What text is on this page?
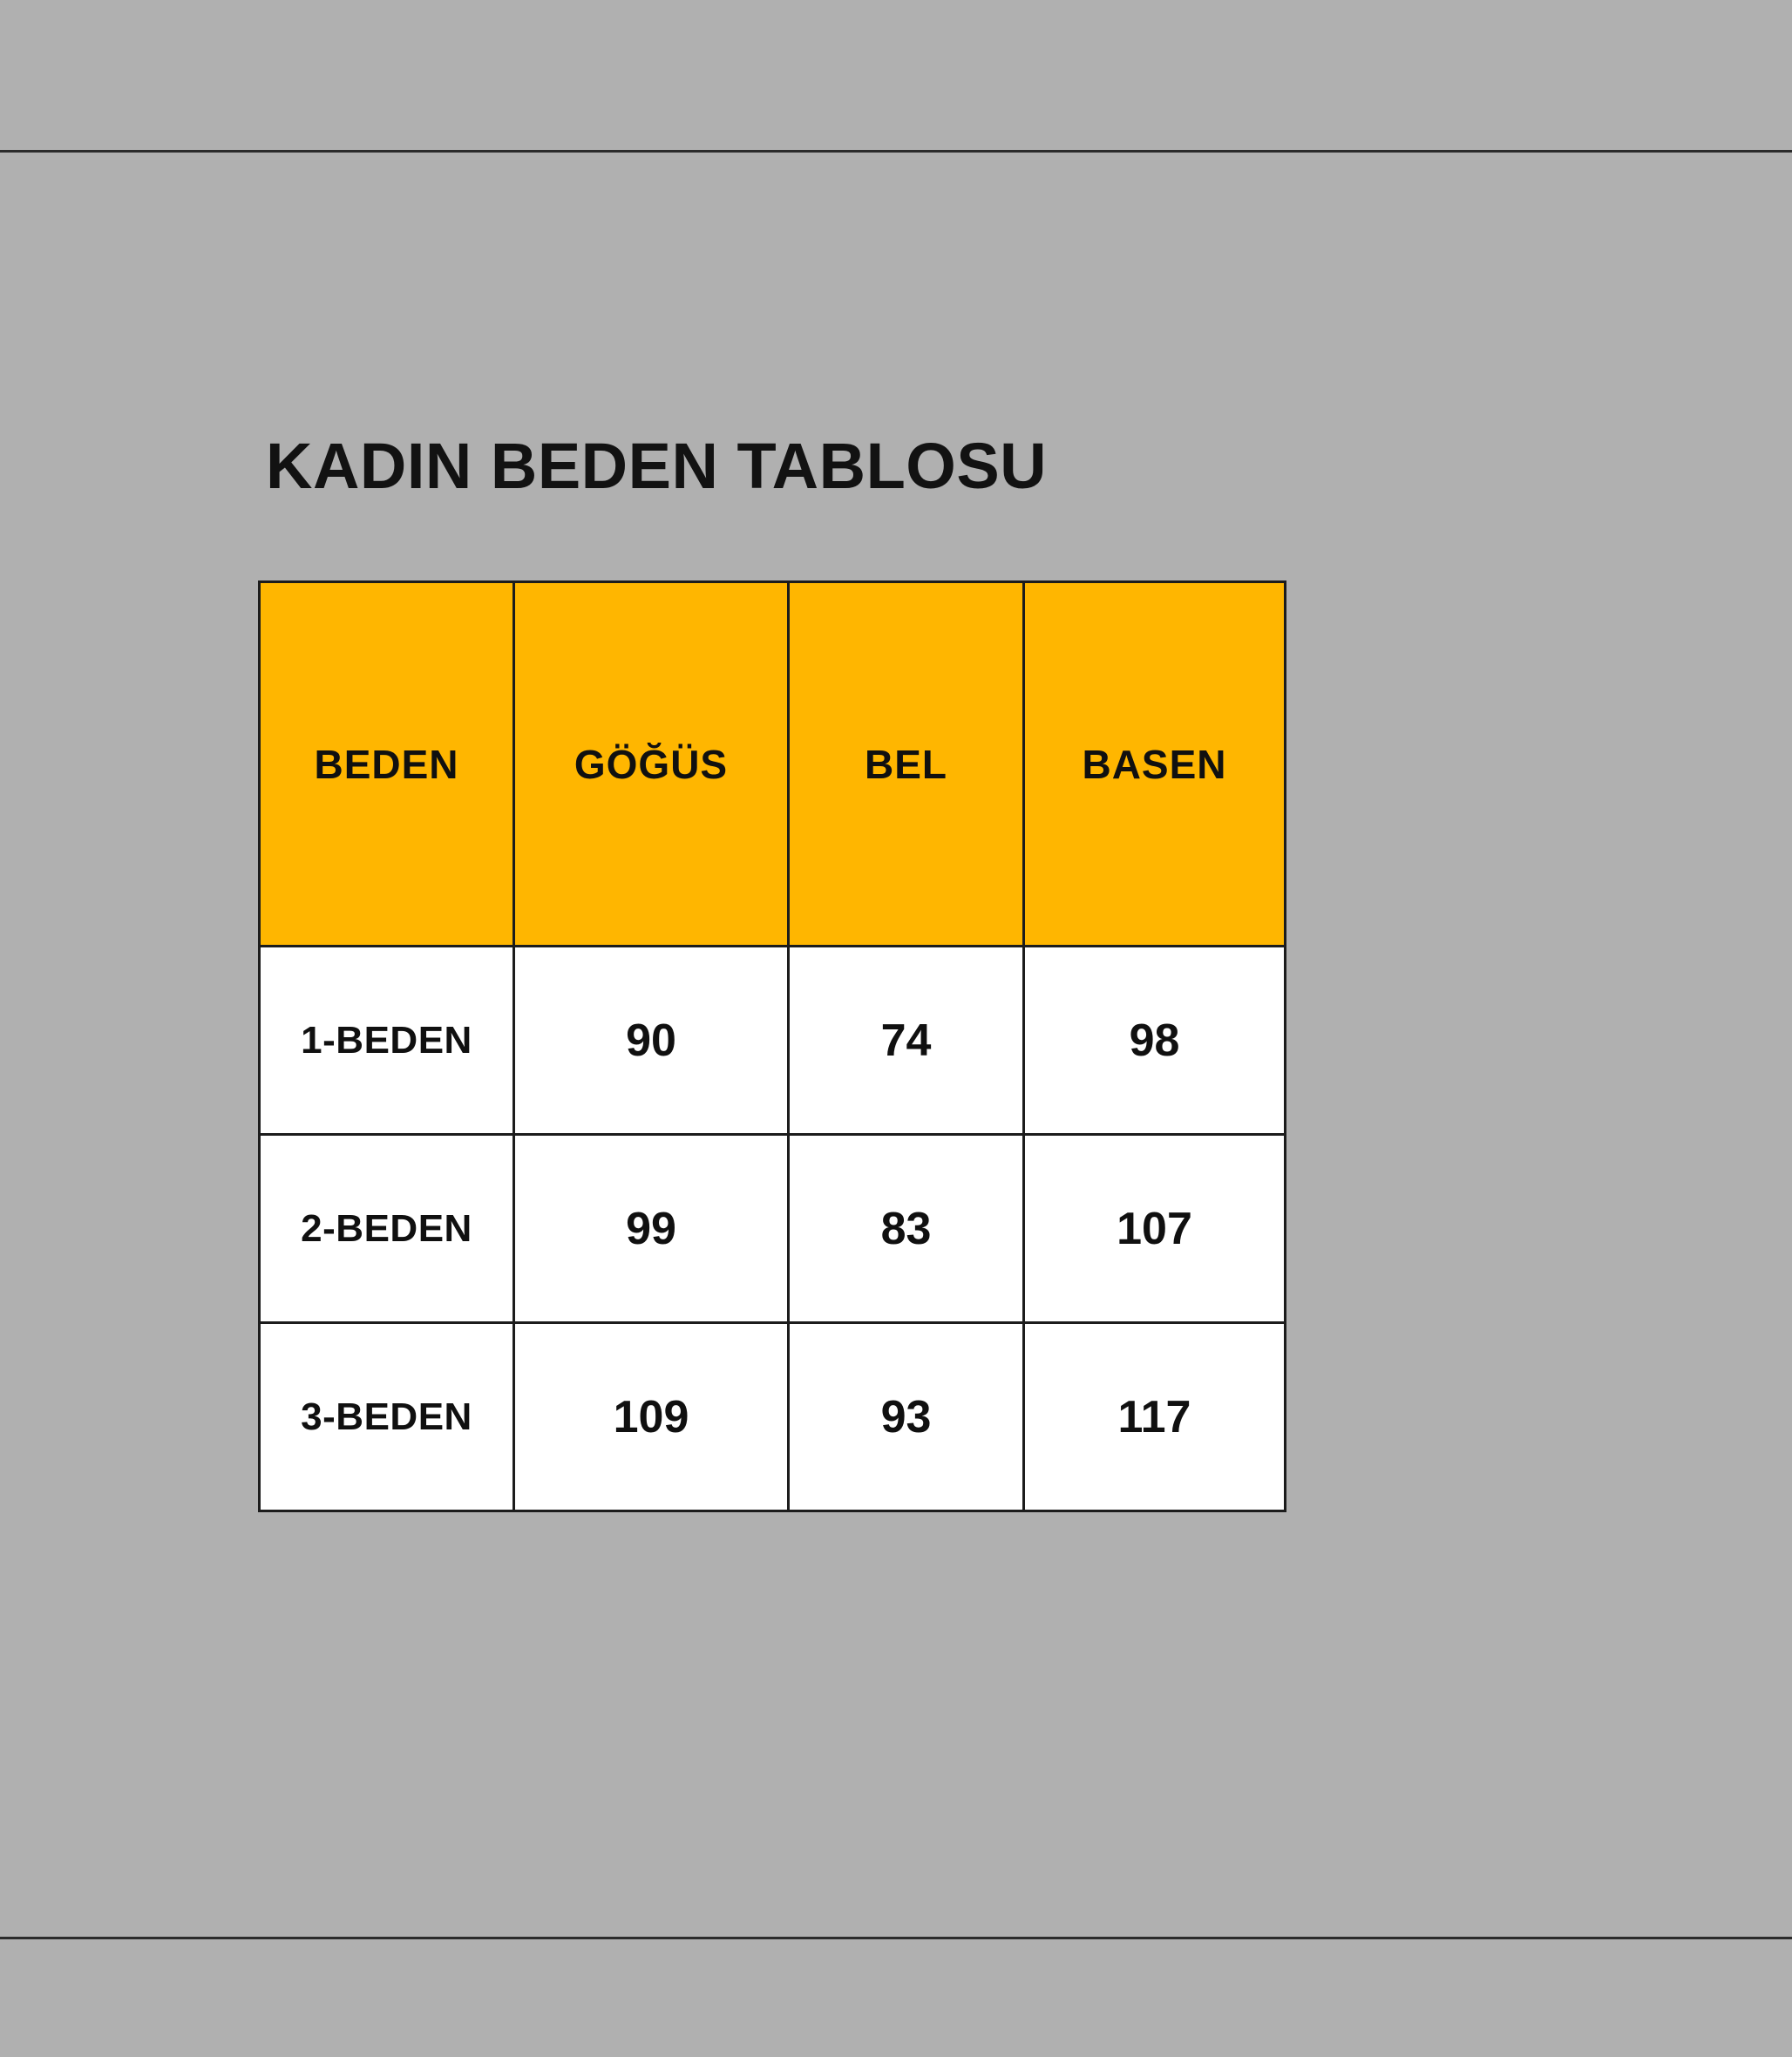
KADIN BEDEN TABLOSU
BEDEN	GÖĞÜS	BEL	BASEN
1-BEDEN	90	74	98
2-BEDEN	99	83	107
3-BEDEN	109	93	117
